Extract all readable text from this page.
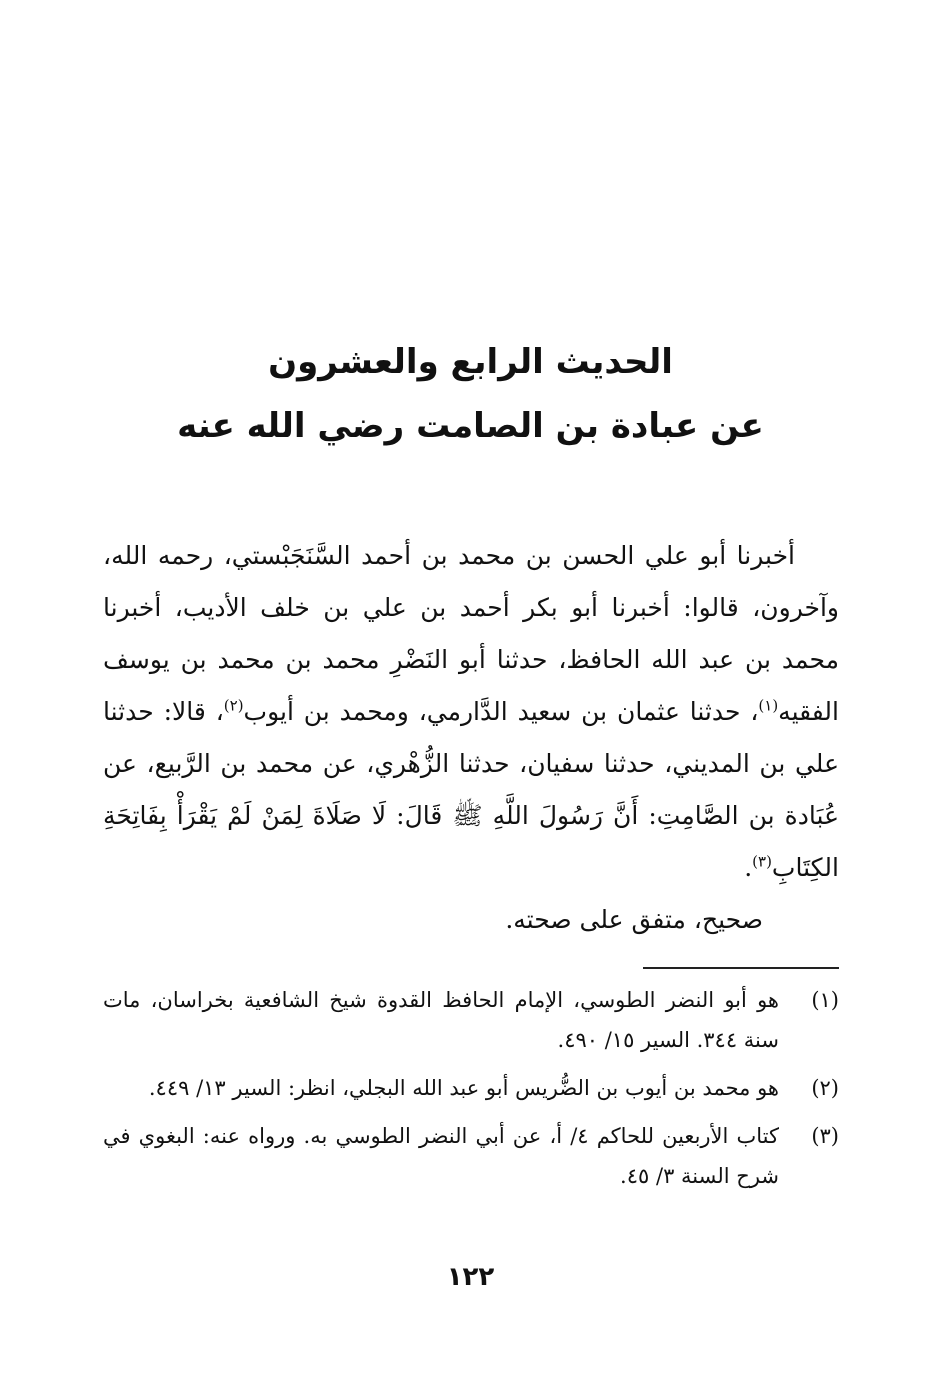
الحديث الرابع والعشرون
عن عبادة بن الصامت رضي الله عنه

أخبرنا أبو علي الحسن بن محمد بن أحمد السَّنَجَبْستي، رحمه الله، وآخرون، قالوا: أخبرنا أبو بكر أحمد بن علي بن خلف الأديب، أخبرنا محمد بن عبد الله الحافظ، حدثنا أبو النَضْرِ محمد بن محمد بن يوسف الفقيه$^{(١)}$، حدثنا عثمان بن سعيد الدَّارمي، ومحمد بن أيوب$^{(٢)}$، قالا: حدثنا علي بن المديني، حدثنا سفيان، حدثنا الزُّهْري، عن محمد بن الرَّبيع، عن عُبَادة بن الصَّامِتِ: أَنَّ رَسُولَ اللَّهِ ﷺ قَالَ: لَا صَلَاةَ لِمَنْ لَمْ يَقْرَأْ بِفَاتِحَةِ الكِتَابِ$^{(٣)}$.

صحيح، متفق على صحته.
(١)
هو أبو النضر الطوسي، الإمام الحافظ القدوة شيخ الشافعية بخراسان، مات سنة ٣٤٤. السير ١٥/ ٤٩٠.
(٢)
هو محمد بن أيوب بن الضُّريس أبو عبد الله البجلي، انظر: السير ١٣/ ٤٤٩.
(٣)
كتاب الأربعين للحاكم ٤/ أ، عن أبي النضر الطوسي به. ورواه عنه: البغوي في شرح السنة ٣/ ٤٥.
١٢٢
